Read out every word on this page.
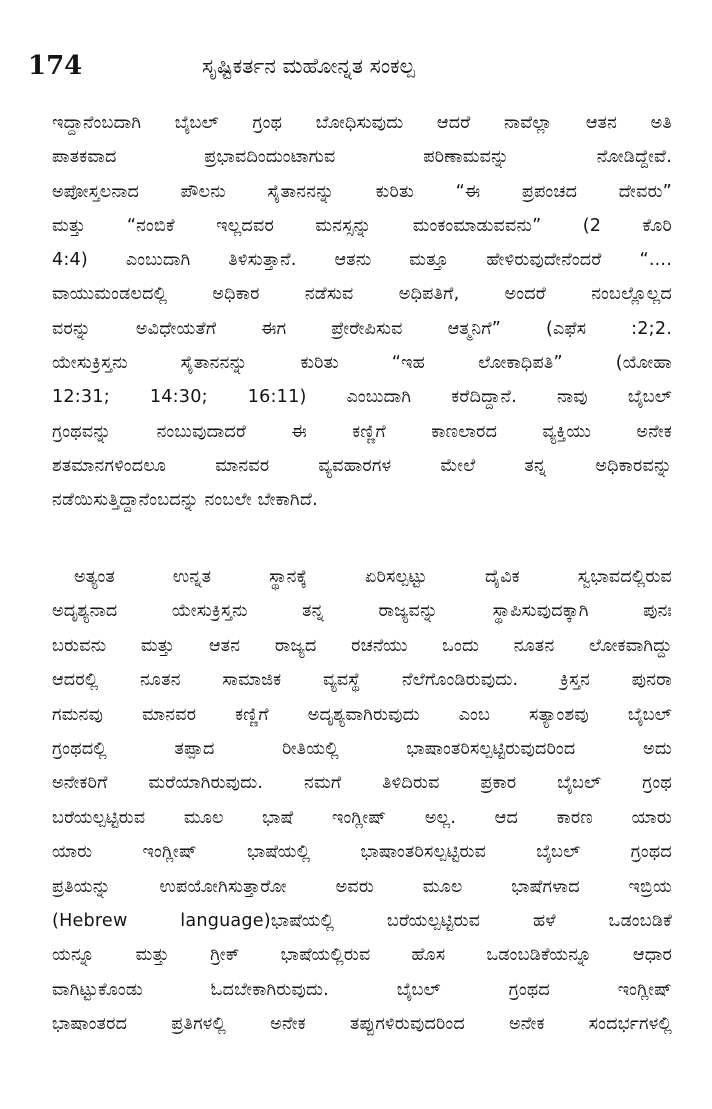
174	ಸೃಷ್ಟಿಕರ್ತನ ಮಹೋನ್ನತ ಸಂಕಲ್ಪ
ಇದ್ದಾನೆಂಬದಾಗಿ ಬೈಬಲ್ ಗ್ರಂಥ ಬೋಧಿಸುವುದು ಆದರೆ ನಾವೆಲ್ಲಾ ಆತನ ಅತಿ
ಪಾತಕವಾದ ಪ್ರಭಾವದಿಂದುಂಟಾಗುವ ಪರಿಣಾಮವನ್ನು ನೋಡಿದ್ದೇವೆ.
ಅಪೋಸ್ತಲನಾದ ಪೌಲನು ಸೈತಾನನನ್ನು ಕುರಿತು “ಈ ಪ್ರಪಂಚದ ದೇವರು”
ಮತ್ತು “ನಂಬಿಕೆ ಇಲ್ಲದವರ ಮನಸ್ಸನ್ನು ಮಂಕಂಮಾಡುವವನು” (2 ಕೊರಿ
4:4) ಎಂಬುದಾಗಿ ತಿಳಿಸುತ್ತಾನೆ. ಆತನು ಮತ್ತೂ ಹೇಳಿರುವುದೇನೆಂದರೆ “....
ವಾಯುಮಂಡಲದಲ್ಲಿ ಅಧಿಕಾರ ನಡೆಸುವ ಅಧಿಪತಿಗೆ, ಅಂದರೆ ನಂಬಲ್ಲೊಲ್ಲದ
ವರನ್ನು ಅವಿಧೇಯತೆಗೆ ಈಗ ಪ್ರೇರೇಪಿಸುವ ಆತ್ಮನಿಗೆ” (ಎಫೆಸ :2;2.
ಯೇಸುಕ್ರಿಸ್ತನು ಸೈತಾನನನ್ನು ಕುರಿತು “ಇಹ ಲೋಕಾಧಿಪತಿ” (ಯೋಹಾ
12:31; 14:30; 16:11) ಎಂಬುದಾಗಿ ಕರೆದಿದ್ದಾನೆ. ನಾವು ಬೈಬಲ್
ಗ್ರಂಥವನ್ನು ನಂಬುವುದಾದರೆ ಈ ಕಣ್ಣಿಗೆ ಕಾಣಲಾರದ ವ್ಯಕ್ತಿಯು ಅನೇಕ
ಶತಮಾನಗಳಿಂದಲೂ ಮಾನವರ ವ್ಯವಹಾರಗಳ ಮೇಲೆ ತನ್ನ ಅಧಿಕಾರವನ್ನು
ನಡೆಯಿಸುತ್ತಿದ್ದಾನೆಂಬದನ್ನು ನಂಬಲೇ ಬೇಕಾಗಿದೆ.
ಅತ್ಯಂತ ಉನ್ನತ ಸ್ಥಾನಕ್ಕೆ ಏರಿಸಲ್ಪಟ್ಟು ದೈವಿಕ ಸ್ವಭಾವದಲ್ಲಿರುವ
ಅದೃಶ್ಯನಾದ ಯೇಸುಕ್ರಿಸ್ತನು ತನ್ನ ರಾಜ್ಯವನ್ನು ಸ್ಥಾಪಿಸುವುದಕ್ಕಾಗಿ ಪುನಃ
ಬರುವನು ಮತ್ತು ಆತನ ರಾಜ್ಯದ ರಚನೆಯು ಒಂದು ನೂತನ ಲೋಕವಾಗಿದ್ದು
ಆದರಲ್ಲಿ ನೂತನ ಸಾಮಾಜಿಕ ವ್ಯವಸ್ಥೆ ನೆಲೆಗೊಂಡಿರುವುದು. ಕ್ರಿಸ್ತನ ಪುನರಾ
ಗಮನವು ಮಾನವರ ಕಣ್ಣಿಗೆ ಅದೃಶ್ಯವಾಗಿರುವುದು ಎಂಬ ಸತ್ಯಾಂಶವು ಬೈಬಲ್
ಗ್ರಂಥದಲ್ಲಿ ತಪ್ಪಾದ ರೀತಿಯಲ್ಲಿ ಭಾಷಾಂತರಿಸಲ್ಪಟ್ಟಿರುವುದರಿಂದ ಅದು
ಅನೇಕರಿಗೆ ಮರೆಯಾಗಿರುವುದು. ನಮಗೆ ತಿಳಿದಿರುವ ಪ್ರಕಾರ ಬೈಬಲ್ ಗ್ರಂಥ
ಬರೆಯಲ್ಪಟ್ಟಿರುವ ಮೂಲ ಭಾಷೆ ಇಂಗ್ಲೀಷ್ ಅಲ್ಲ. ಆದ ಕಾರಣ ಯಾರು
ಯಾರು ಇಂಗ್ಲೀಷ್ ಭಾಷೆಯಲ್ಲಿ ಭಾಷಾಂತರಿಸಲ್ಪಟ್ಟಿರುವ ಬೈಬಲ್ ಗ್ರಂಥದ
ಪ್ರತಿಯನ್ನು ಉಪಯೋಗಿಸುತ್ತಾರೋ ಅವರು ಮೂಲ ಭಾಷೆಗಳಾದ ಇಬ್ರಿಯ
(Hebrew language)ಭಾಷೆಯಲ್ಲಿ ಬರೆಯಲ್ಪಟ್ಟಿರುವ ಹಳೆ ಒಡಂಬಡಿಕೆ
ಯನ್ನೂ ಮತ್ತು ಗ್ರೀಕ್ ಭಾಷೆಯಲ್ಲಿರುವ ಹೊಸ ಒಡಂಬಡಿಕೆಯನ್ನೂ ಆಧಾರ
ವಾಗಿಟ್ಟುಕೊಂಡು ಓದಬೇಕಾಗಿರುವುದು. ಬೈಬಲ್ ಗ್ರಂಥದ ಇಂಗ್ಲೀಷ್
ಭಾಷಾಂತರದ ಪ್ರತಿಗಳಲ್ಲಿ ಅನೇಕ ತಪ್ಪುಗಳಿರುವುದರಿಂದ ಅನೇಕ ಸಂದರ್ಭಗಳಲ್ಲಿ
